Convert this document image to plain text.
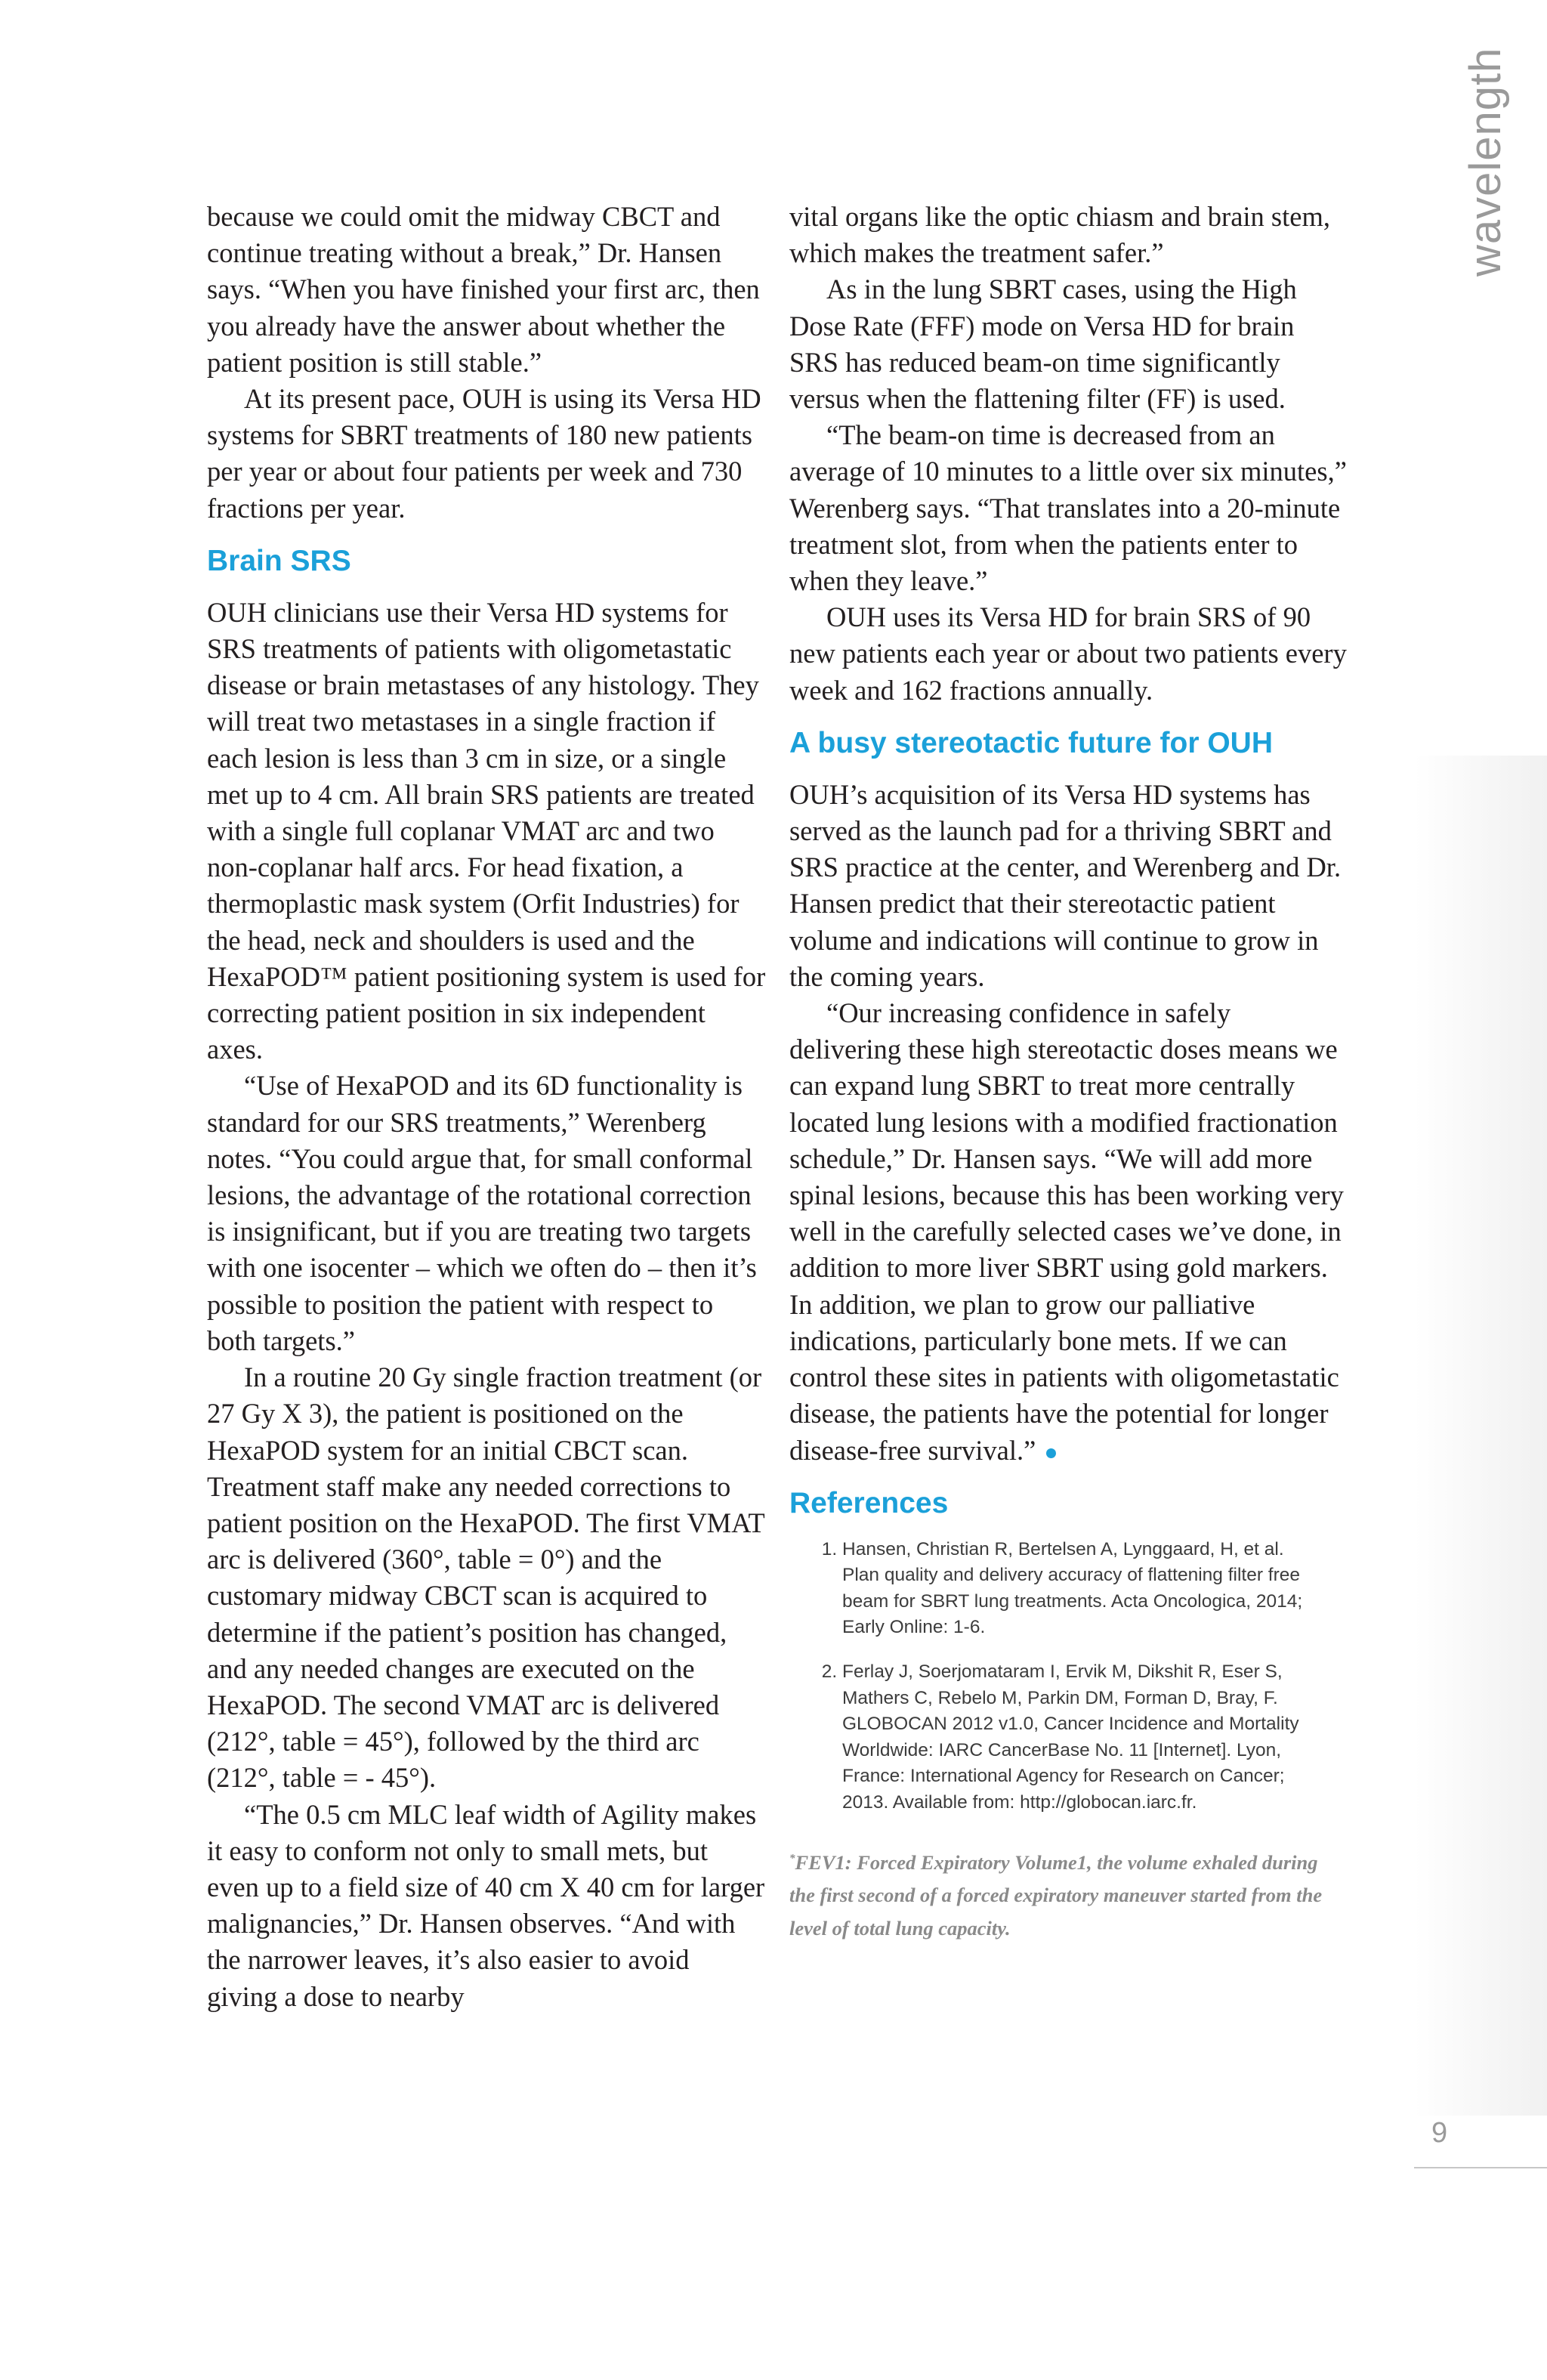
wavelength

because we could omit the midway CBCT and continue treating without a break,” Dr. Hansen says. “When you have finished your first arc, then you already have the answer about whether the patient position is still stable.”

At its present pace, OUH is using its Versa HD systems for SBRT treatments of 180 new patients per year or about four patients per week and 730 fractions per year.

Brain SRS

OUH clinicians use their Versa HD systems for SRS treatments of patients with oligometastatic disease or brain metastases of any histology. They will treat two metastases in a single fraction if each lesion is less than 3 cm in size, or a single met up to 4 cm. All brain SRS patients are treated with a single full coplanar VMAT arc and two non-coplanar half arcs. For head fixation, a thermoplastic mask system (Orfit Industries) for the head, neck and shoulders is used and the HexaPOD™ patient positioning system is used for correcting patient position in six independent axes.

“Use of HexaPOD and its 6D functionality is standard for our SRS treatments,” Werenberg notes. “You could argue that, for small conformal lesions, the advantage of the rotational correction is insignificant, but if you are treating two targets with one isocenter – which we often do – then it’s possible to position the patient with respect to both targets.”

In a routine 20 Gy single fraction treatment (or 27 Gy X 3), the patient is positioned on the HexaPOD system for an initial CBCT scan. Treatment staff make any needed corrections to patient position on the HexaPOD. The first VMAT arc is delivered (360°, table = 0°) and the customary midway CBCT scan is acquired to determine if the patient’s position has changed, and any needed changes are executed on the HexaPOD. The second VMAT arc is delivered (212°, table = 45°), followed by the third arc (212°, table = - 45°).

“The 0.5 cm MLC leaf width of Agility makes it easy to conform not only to small mets, but even up to a field size of 40 cm X 40 cm for larger malignancies,” Dr. Hansen observes. “And with the narrower leaves, it’s also easier to avoid giving a dose to nearby

vital organs like the optic chiasm and brain stem, which makes the treatment safer.”

As in the lung SBRT cases, using the High Dose Rate (FFF) mode on Versa HD for brain SRS has reduced beam-on time significantly versus when the flattening filter (FF) is used.

“The beam-on time is decreased from an average of 10 minutes to a little over six minutes,” Werenberg says. “That translates into a 20-minute treatment slot, from when the patients enter to when they leave.”

OUH uses its Versa HD for brain SRS of 90 new patients each year or about two patients every week and 162 fractions annually.

A busy stereotactic future for OUH

OUH’s acquisition of its Versa HD systems has served as the launch pad for a thriving SBRT and SRS practice at the center, and Werenberg and Dr. Hansen predict that their stereotactic patient volume and indications will continue to grow in the coming years.

“Our increasing confidence in safely delivering these high stereotactic doses means we can expand lung SBRT to treat more centrally located lung lesions with a modified fractionation schedule,” Dr. Hansen says. “We will add more spinal lesions, because this has been working very well in the carefully selected cases we’ve done, in addition to more liver SBRT using gold markers. In addition, we plan to grow our palliative indications, particularly bone mets. If we can control these sites in patients with oligometastatic disease, the patients have the potential for longer disease-free survival.”

References
1. Hansen, Christian R, Bertelsen A, Lynggaard, H, et al. Plan quality and delivery accuracy of flattening filter free beam for SBRT lung treatments. Acta Oncologica, 2014; Early Online: 1-6.
2. Ferlay J, Soerjomataram I, Ervik M, Dikshit R, Eser S, Mathers C, Rebelo M, Parkin DM, Forman D, Bray, F. GLOBOCAN 2012 v1.0, Cancer Incidence and Mortality Worldwide: IARC CancerBase No. 11 [Internet]. Lyon, France: International Agency for Research on Cancer; 2013. Available from: http://globocan.iarc.fr.
*FEV1: Forced Expiratory Volume1, the volume exhaled during the first second of a forced expiratory maneuver started from the level of total lung capacity.
9
